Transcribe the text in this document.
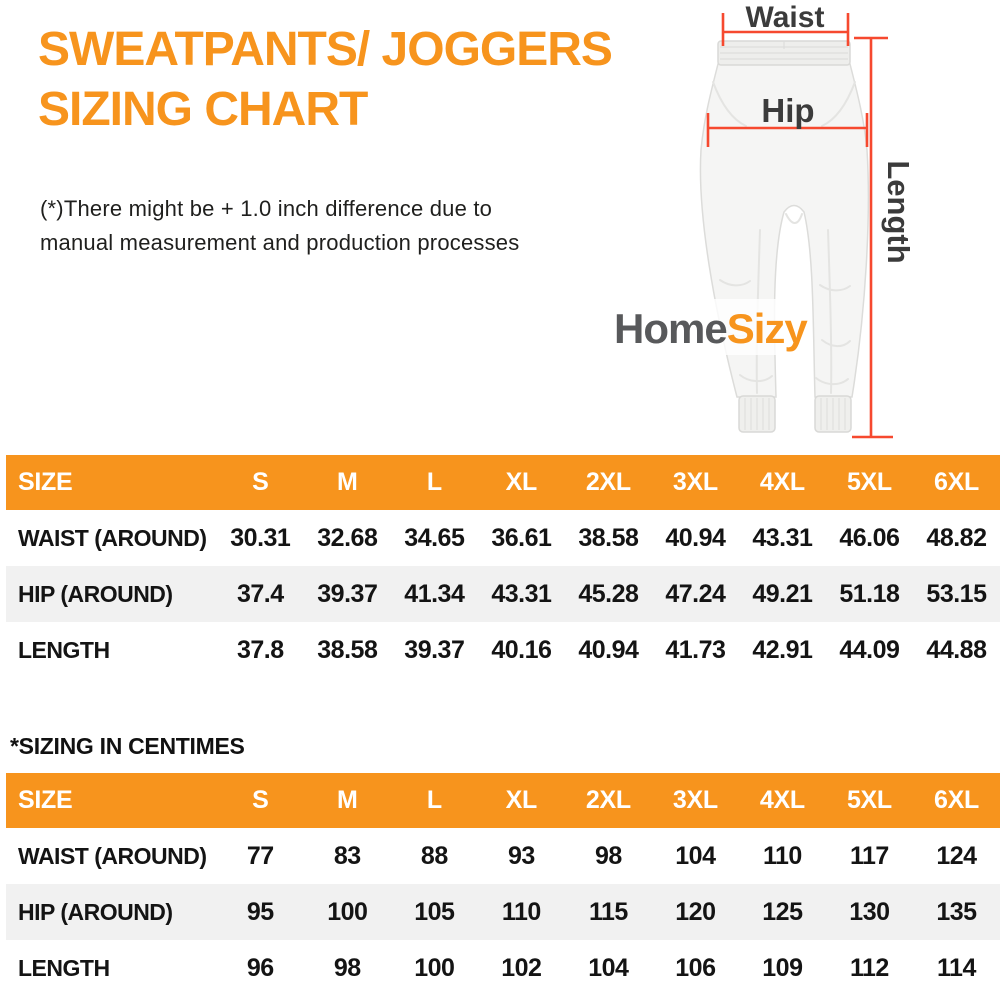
SWEATPANTS/ JOGGERS
SIZING CHART

(*)There might be + 1.0 inch difference due to
manual measurement and production processes

Waist
Hip
Length
HomeSizy
SIZE	S	M	L	XL	2XL	3XL	4XL	5XL	6XL
WAIST (AROUND)	30.31	32.68	34.65	36.61	38.58	40.94	43.31	46.06	48.82
HIP (AROUND)	37.4	39.37	41.34	43.31	45.28	47.24	49.21	51.18	53.15
LENGTH	37.8	38.58	39.37	40.16	40.94	41.73	42.91	44.09	44.88
*SIZING IN CENTIMES
SIZE	S	M	L	XL	2XL	3XL	4XL	5XL	6XL
WAIST (AROUND)	77	83	88	93	98	104	110	117	124
HIP (AROUND)	95	100	105	110	115	120	125	130	135
LENGTH	96	98	100	102	104	106	109	112	114
